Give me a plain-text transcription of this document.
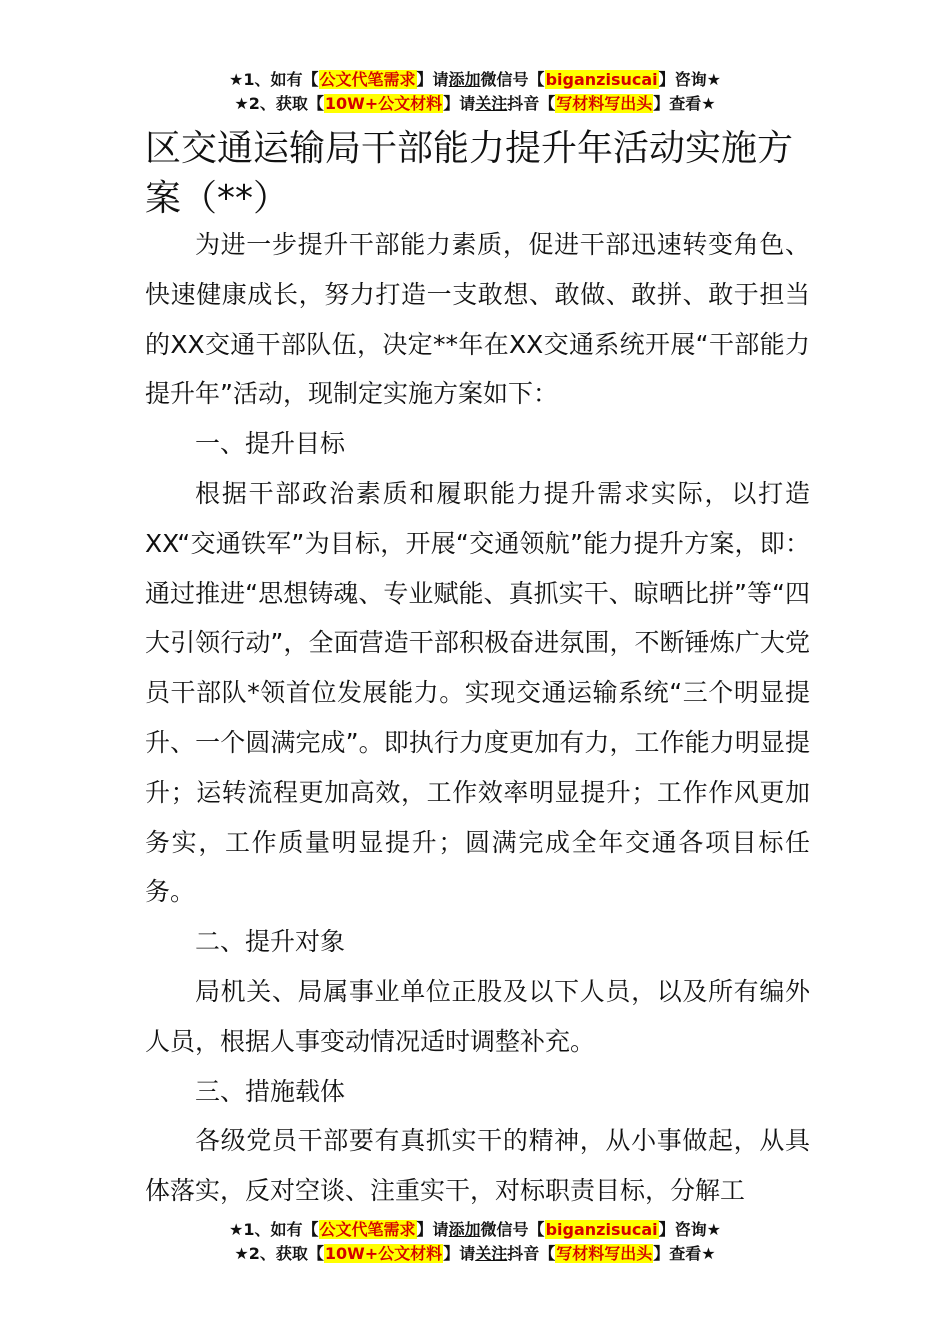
★1、如有【公文代笔需求】请添加微信号【biganzisucai】咨询★
★2、获取【10W+公文材料】请关注抖音【写材料写出头】查看★
区交通运输局干部能力提升年活动实施方案（**）

为进一步提升干部能力素质，促进干部迅速转变角色、快速健康成长，努力打造一支敢想、敢做、敢拼、敢于担当的XX交通干部队伍，决定**年在XX交通系统开展“干部能力提升年”活动，现制定实施方案如下：

一、提升目标

根据干部政治素质和履职能力提升需求实际，以打造XX“交通铁军”为目标，开展“交通领航”能力提升方案，即：通过推进“思想铸魂、专业赋能、真抓实干、晾晒比拼”等“四大引领行动”，全面营造干部积极奋进氛围，不断锤炼广大党员干部队*领首位发展能力。实现交通运输系统“三个明显提升、一个圆满完成”。即执行力度更加有力，工作能力明显提升；运转流程更加高效，工作效率明显提升；工作作风更加务实，工作质量明显提升；圆满完成全年交通各项目标任务。

二、提升对象

局机关、局属事业单位正股及以下人员，以及所有编外人员，根据人事变动情况适时调整补充。

三、措施载体

各级党员干部要有真抓实干的精神，从小事做起，从具体落实，反对空谈、注重实干，对标职责目标，分解工

★1、如有【公文代笔需求】请添加微信号【biganzisucai】咨询★
★2、获取【10W+公文材料】请关注抖音【写材料写出头】查看★
